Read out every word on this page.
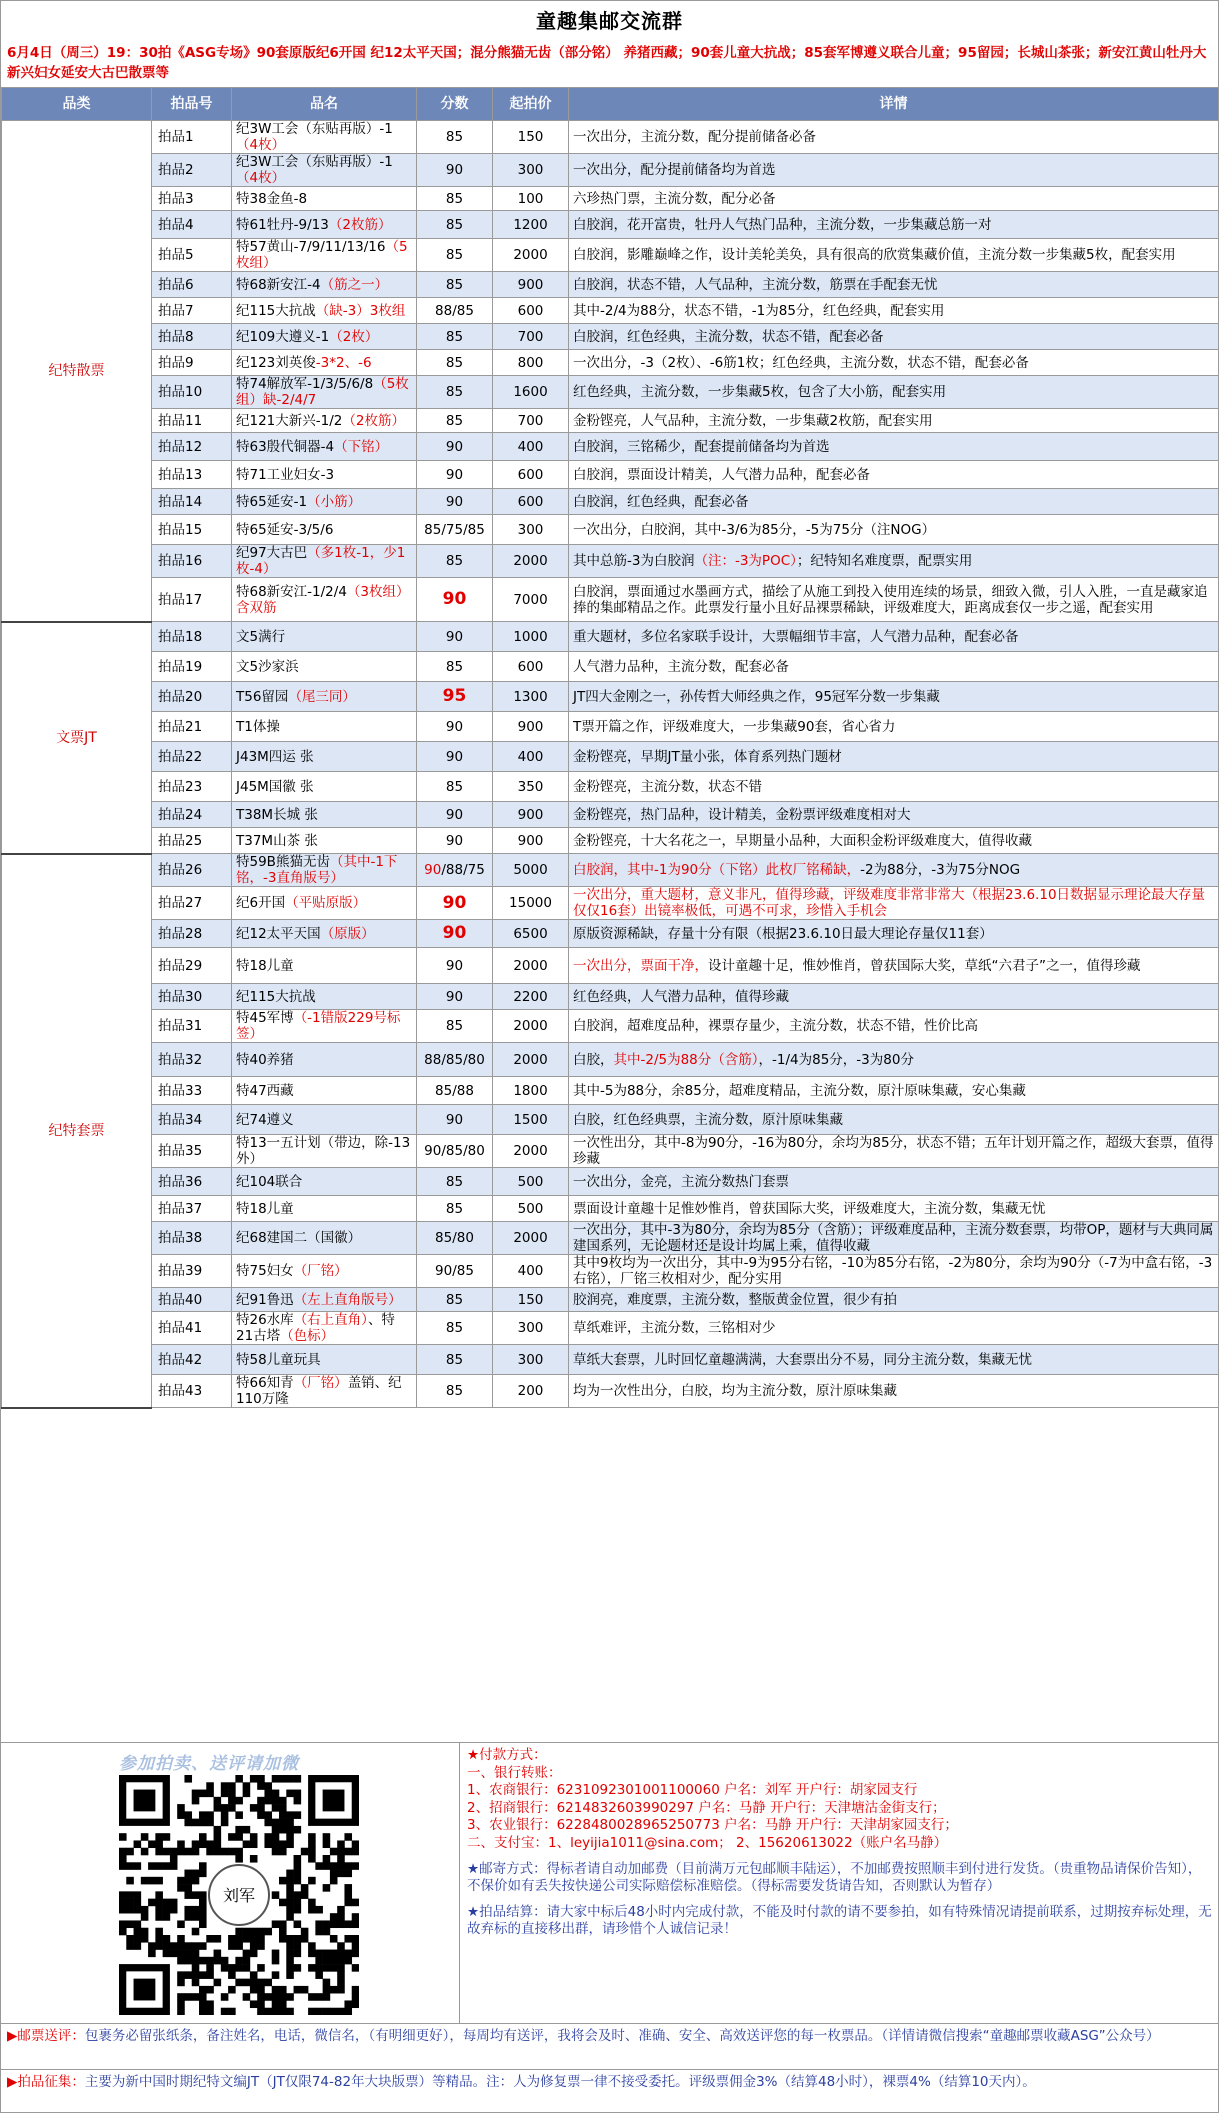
童趣集邮交流群
6月4日（周三）19：30拍《ASG专场》90套原版纪6开国 纪12太平天国；混分熊猫无齿（部分铭） 养猪西藏；90套儿童大抗战；85套军博遵义联合儿童；95留园；长城山茶张；新安江黄山牡丹大新兴妇女延安大古巴散票等
品类	拍品号	品名	分数	起拍价	详情
纪特散票	拍品1	纪3W工会（东贴再版）-1（4枚）	85	150	一次出分，主流分数，配分提前储备必备
	拍品2	纪3W工会（东贴再版）-1（4枚）	90	300	一次出分，配分提前储备均为首选
	拍品3	特38金鱼-8	85	100	六珍热门票，主流分数，配分必备
	拍品4	特61牡丹-9/13（2枚筋）	85	1200	白胶润，花开富贵，牡丹人气热门品种，主流分数，一步集藏总筋一对
	拍品5	特57黄山-7/9/11/13/16（5枚组）	85	2000	白胶润，影雕巅峰之作，设计美轮美奂，具有很高的欣赏集藏价值，主流分数一步集藏5枚，配套实用
	拍品6	特68新安江-4（筋之一）	85	900	白胶润，状态不错，人气品种，主流分数，筋票在手配套无忧
	拍品7	纪115大抗战（缺-3）3枚组	88/85	600	其中-2/4为88分，状态不错，-1为85分，红色经典，配套实用
	拍品8	纪109大遵义-1（2枚）	85	700	白胶润，红色经典，主流分数，状态不错，配套必备
	拍品9	纪123刘英俊-3*2、-6	85	800	一次出分，-3（2枚）、-6筋1枚；红色经典，主流分数，状态不错，配套必备
	拍品10	特74解放军-1/3/5/6/8（5枚组）缺-2/4/7	85	1600	红色经典，主流分数，一步集藏5枚，包含了大小筋，配套实用
	拍品11	纪121大新兴-1/2（2枚筋）	85	700	金粉铿亮，人气品种，主流分数，一步集藏2枚筋，配套实用
	拍品12	特63殷代铜器-4（下铭）	90	400	白胶润，三铭稀少，配套提前储备均为首选
	拍品13	特71工业妇女-3	90	600	白胶润，票面设计精美，人气潜力品种，配套必备
	拍品14	特65延安-1（小筋）	90	600	白胶润，红色经典，配套必备
	拍品15	特65延安-3/5/6	85/75/85	300	一次出分，白胶润，其中-3/6为85分，-5为75分（注NOG）
	拍品16	纪97大古巴（多1枚-1，少1枚-4）	85	2000	其中总筋-3为白胶润（注：-3为POC）；纪特知名难度票，配票实用
	拍品17	特68新安江-1/2/4（3枚组）含双筋	90	7000	白胶润，票面通过水墨画方式，描绘了从施工到投入使用连续的场景，细致入微，引人入胜，一直是藏家追捧的集邮精品之作。此票发行量小且好品裸票稀缺，评级难度大，距离成套仅一步之遥，配套实用
文票JT	拍品18	文5满行	90	1000	重大题材，多位名家联手设计，大票幅细节丰富，人气潜力品种，配套必备
	拍品19	文5沙家浜	85	600	人气潜力品种，主流分数，配套必备
	拍品20	T56留园（尾三同）	95	1300	JT四大金刚之一，孙传哲大师经典之作，95冠军分数一步集藏
	拍品21	T1体操	90	900	T票开篇之作，评级难度大，一步集藏90套，省心省力
	拍品22	J43M四运 张	90	400	金粉铿亮，早期JT量小张，体育系列热门题材
	拍品23	J45M国徽 张	85	350	金粉铿亮，主流分数，状态不错
	拍品24	T38M长城 张	90	900	金粉铿亮，热门品种，设计精美，金粉票评级难度相对大
	拍品25	T37M山茶 张	90	900	金粉铿亮，十大名花之一，早期量小品种，大面积金粉评级难度大，值得收藏
纪特套票	拍品26	特59B熊猫无齿（其中-1下铭，-3直角版号）	90/88/75	5000	白胶润，其中-1为90分（下铭）此枚厂铭稀缺，-2为88分，-3为75分NOG
	拍品27	纪6开国（平贴原版）	90	15000	一次出分，重大题材，意义非凡，值得珍藏，评级难度非常非常大（根据23.6.10日数据显示理论最大存量仅仅16套）出镜率极低，可遇不可求，珍惜入手机会
	拍品28	纪12太平天国（原版）	90	6500	原版资源稀缺，存量十分有限（根据23.6.10日最大理论存量仅11套）
	拍品29	特18儿童	90	2000	一次出分，票面干净，设计童趣十足，惟妙惟肖，曾获国际大奖，草纸“六君子”之一，值得珍藏
	拍品30	纪115大抗战	90	2200	红色经典，人气潜力品种，值得珍藏
	拍品31	特45军博（-1错版229号标签）	85	2000	白胶润，超难度品种，裸票存量少，主流分数，状态不错，性价比高
	拍品32	特40养猪	88/85/80	2000	白胶，其中-2/5为88分（含筋），-1/4为85分，-3为80分
	拍品33	特47西藏	85/88	1800	其中-5为88分，余85分，超难度精品，主流分数，原汁原味集藏，安心集藏
	拍品34	纪74遵义	90	1500	白胶，红色经典票，主流分数，原汁原味集藏
	拍品35	特13一五计划（带边，除-13外）	90/85/80	2000	一次性出分，其中-8为90分，-16为80分，余均为85分，状态不错；五年计划开篇之作，超级大套票，值得珍藏
	拍品36	纪104联合	85	500	一次出分，金亮，主流分数热门套票
	拍品37	特18儿童	85	500	票面设计童趣十足惟妙惟肖，曾获国际大奖，评级难度大，主流分数，集藏无忧
	拍品38	纪68建国二（国徽）	85/80	2000	一次出分，其中-3为80分，余均为85分（含筋）；评级难度品种，主流分数套票，均带OP，题材与大典同属建国系列，无论题材还是设计均属上乘，值得收藏
	拍品39	特75妇女（厂铭）	90/85	400	其中9枚均为一次出分，其中-9为95分右铭，-10为85分右铭，-2为80分，余均为90分（-7为中盒右铭，-3右铭），厂铭三枚相对少，配分实用
	拍品40	纪91鲁迅（左上直角版号）	85	150	胶润亮，难度票，主流分数，整版黄金位置，很少有拍
	拍品41	特26水库（右上直角）、特21古塔（色标）	85	300	草纸难评，主流分数，三铭相对少
	拍品42	特58儿童玩具	85	300	草纸大套票，儿时回忆童趣满满，大套票出分不易，同分主流分数，集藏无忧
	拍品43	特66知青（厂铭）盖销、纪110万隆	85	200	均为一次性出分，白胶，均为主流分数，原汁原味集藏
参加拍卖、送评请加微
刘军
★付款方式：
一、银行转账：
1、农商银行：6231092301001100060 户名：刘军 开户行：胡家园支行
2、招商银行：6214832603990297 户名：马静 开户行：天津塘沽金街支行；
3、农业银行：6228480028965250773 户名：马静 开户行：天津胡家园支行；
二、支付宝：1、leyijia1011@sina.com； 2、15620613022（账户名马静）
★邮寄方式：得标者请自动加邮费（目前满万元包邮顺丰陆运），不加邮费按照顺丰到付进行发货。（贵重物品请保价告知），不保价如有丢失按快递公司实际赔偿标准赔偿。（得标需要发货请告知，否则默认为暂存）
★拍品结算：请大家中标后48小时内完成付款，不能及时付款的请不要参拍，如有特殊情况请提前联系，过期按弃标处理，无故弃标的直接移出群，请珍惜个人诚信记录！
▶邮票送评：包裹务必留张纸条，备注姓名，电话，微信名，（有明细更好），每周均有送评，我将会及时、准确、安全、高效送评您的每一枚票品。（详情请微信搜索“童趣邮票收藏ASG”公众号）
▶拍品征集：主要为新中国时期纪特文编JT（JT仅限74-82年大块版票）等精品。注：人为修复票一律不接受委托。评级票佣金3%（结算48小时），裸票4%（结算10天内）。
